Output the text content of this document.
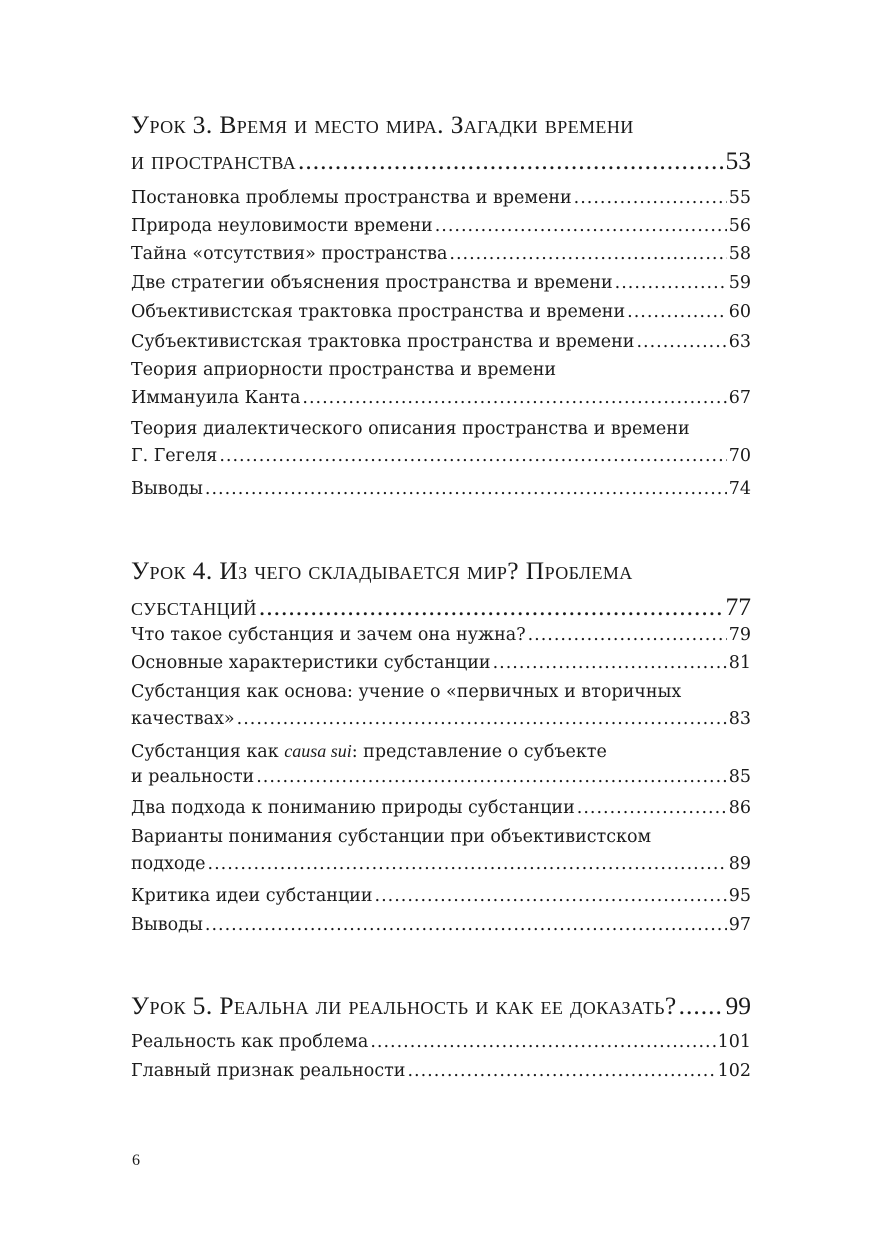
Урок 3. Время и место мира. Загадки времени
и пространства .....	53
Постановка проблемы пространства и времени .....	55
Природа неуловимости времени .....	56
Тайна «отсутствия» пространства .....	58
Две стратегии объяснения пространства и времени .....	59
Объективистская трактовка пространства и времени .....	60
Субъективистская трактовка пространства и времени .....	63
Теория априорности пространства и времени
Иммануила Канта .....	67
Теория диалектического описания пространства и времени
Г. Гегеля .....	70
Выводы .....	74
Урок 4. Из чего складывается мир? Проблема
субстанций .....	77
Что такое субстанция и зачем она нужна? .....	79
Основные характеристики субстанции .....	81
Субстанция как основа: учение о «первичных и вторичных
качествах» .....	83
Субстанция как causa sui : представление о субъекте
и реальности .....	85
Два подхода к пониманию природы субстанции .....	86
Варианты понимания субстанции при объективистском
подходе .....	89
Критика идеи субстанции .....	95
Выводы .....	97
Урок 5. Реальна ли реальность и как ее доказать? ..... 99
Реальность как проблема .....	101
Главный признак реальности .....	102
6
